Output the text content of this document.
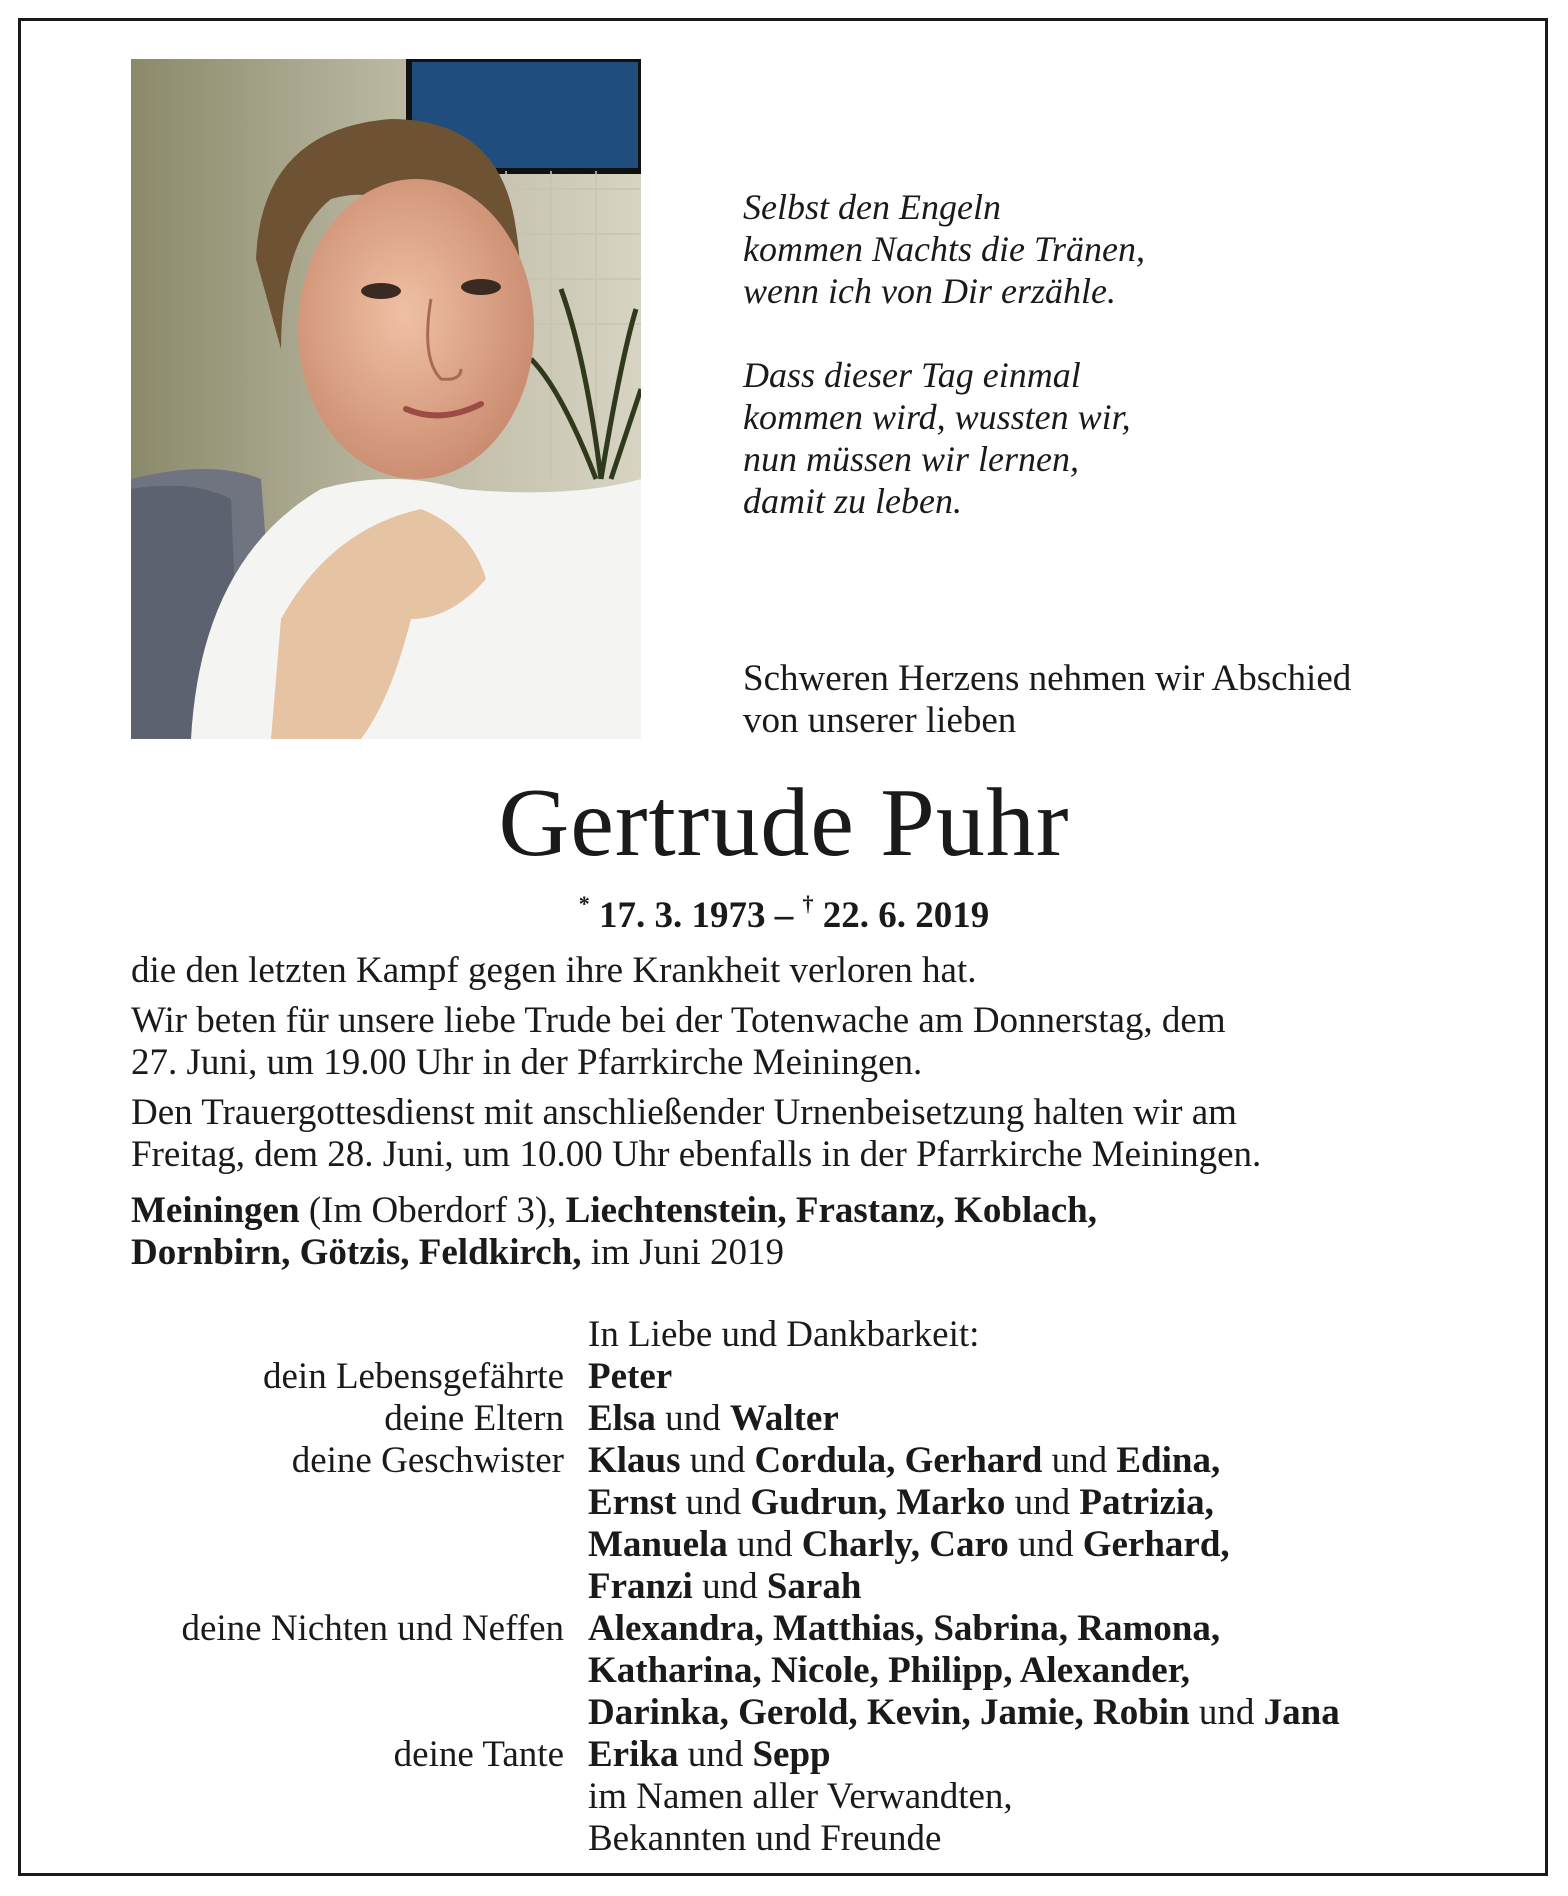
Selbst den Engeln
kommen Nachts die Tränen,
wenn ich von Dir erzähle.
Dass dieser Tag einmal
kommen wird, wussten wir,
nun müssen wir lernen,
damit zu leben.
Schweren Herzens nehmen wir Abschied
von unserer lieben
Gertrude Puhr
* 17. 3. 1973 – † 22. 6. 2019

die den letzten Kampf gegen ihre Krankheit verloren hat.

Wir beten für unsere liebe Trude bei der Totenwache am Donnerstag, dem
27. Juni, um 19.00 Uhr in der Pfarrkirche Meiningen.

Den Trauergottesdienst mit anschließender Urnenbeisetzung halten wir am
Freitag, dem 28. Juni, um 10.00 Uhr ebenfalls in der Pfarrkirche Meiningen.

Meiningen (Im Oberdorf 3), Liechtenstein, Frastanz, Koblach,
Dornbirn, Götzis, Feldkirch, im Juni 2019

In Liebe und Dankbarkeit:
dein Lebensgefährte Peter
deine Eltern Elsa und Walter
deine Geschwister Klaus und Cordula, Gerhard und Edina,
Ernst und Gudrun, Marko und Patrizia,
Manuela und Charly, Caro und Gerhard,
Franzi und Sarah
deine Nichten und Neffen Alexandra, Matthias, Sabrina, Ramona,
Katharina, Nicole, Philipp, Alexander,
Darinka, Gerold, Kevin, Jamie, Robin und Jana
deine Tante Erika und Sepp
im Namen aller Verwandten,
Bekannten und Freunde
